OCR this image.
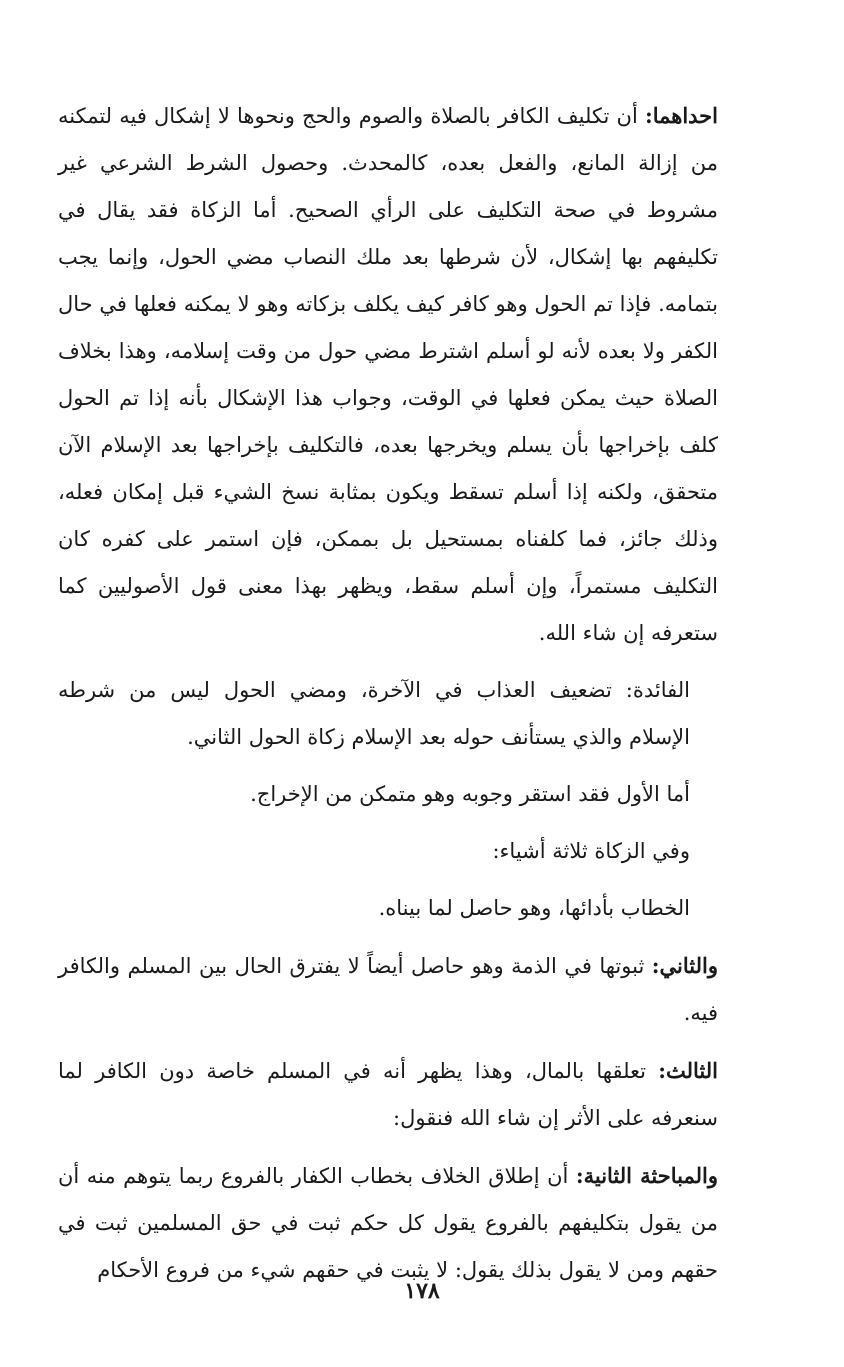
احداهما: أن تكليف الكافر بالصلاة والصوم والحج ونحوها لا إشكال فيه لتمكنه من إزالة المانع، والفعل بعده، كالمحدث. وحصول الشرط الشرعي غير مشروط في صحة التكليف على الرأي الصحيح. أما الزكاة فقد يقال في تكليفهم بها إشكال، لأن شرطها بعد ملك النصاب مضي الحول، وإنما يجب بتمامه. فإذا تم الحول وهو كافر كيف يكلف بزكاته وهو لا يمكنه فعلها في حال الكفر ولا بعده لأنه لو أسلم اشترط مضي حول من وقت إسلامه، وهذا بخلاف الصلاة حيث يمكن فعلها في الوقت، وجواب هذا الإشكال بأنه إذا تم الحول كلف بإخراجها بأن يسلم ويخرجها بعده، فالتكليف بإخراجها بعد الإسلام الآن متحقق، ولكنه إذا أسلم تسقط ويكون بمثابة نسخ الشيء قبل إمكان فعله، وذلك جائز، فما كلفناه بمستحيل بل بممكن، فإن استمر على كفره كان التكليف مستمراً، وإن أسلم سقط، ويظهر بهذا معنى قول الأصوليين كما ستعرفه إن شاء الله.

الفائدة: تضعيف العذاب في الآخرة، ومضي الحول ليس من شرطه الإسلام والذي يستأنف حوله بعد الإسلام زكاة الحول الثاني.

أما الأول فقد استقر وجوبه وهو متمكن من الإخراج.

وفي الزكاة ثلاثة أشياء:

الخطاب بأدائها، وهو حاصل لما بيناه.

والثاني: ثبوتها في الذمة وهو حاصل أيضاً لا يفترق الحال بين المسلم والكافر فيه.

الثالث: تعلقها بالمال، وهذا يظهر أنه في المسلم خاصة دون الكافر لما سنعرفه على الأثر إن شاء الله فنقول:

والمباحثة الثانية: أن إطلاق الخلاف بخطاب الكفار بالفروع ربما يتوهم منه أن من يقول بتكليفهم بالفروع يقول كل حكم ثبت في حق المسلمين ثبت في حقهم ومن لا يقول بذلك يقول: لا يثبت في حقهم شيء من فروع الأحكام

١٧٨
